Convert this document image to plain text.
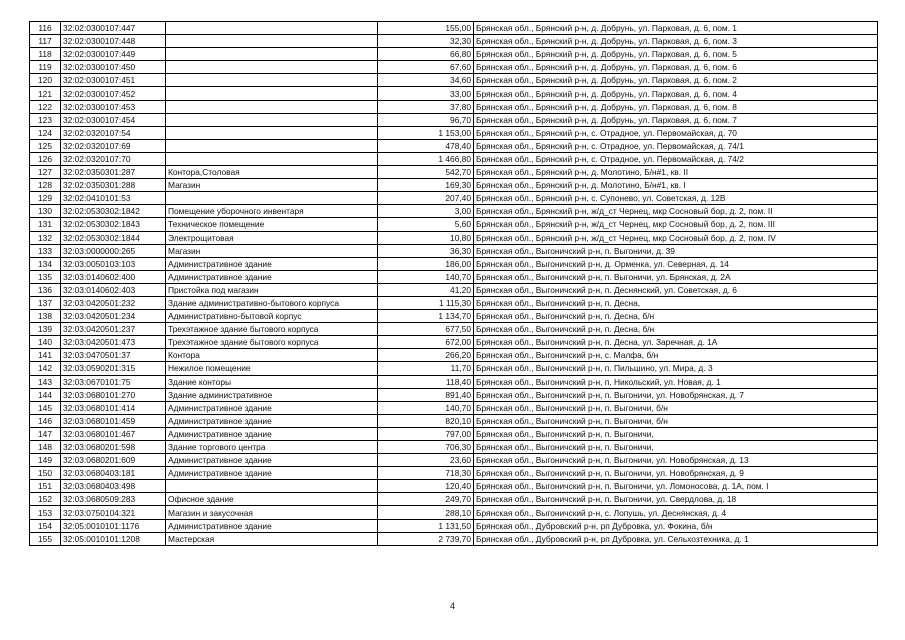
116	32:02:0300107:447		155,00	Брянская обл., Брянский р-н, д. Добрунь, ул. Парковая, д. 6, пом. 1
117	32:02:0300107:448		32,30	Брянская обл., Брянский р-н, д. Добрунь, ул. Парковая, д. 6, пом. 3
118	32:02:0300107:449		66,80	Брянская обл., Брянский р-н, д. Добрунь, ул. Парковая, д. 6, пом. 5
119	32:02:0300107:450		67,60	Брянская обл., Брянский р-н, д. Добрунь, ул. Парковая, д. 6, пом. 6
120	32:02:0300107:451		34,60	Брянская обл., Брянский р-н, д. Добрунь, ул. Парковая, д. 6, пом. 2
121	32:02:0300107:452		33,00	Брянская обл., Брянский р-н, д. Добрунь, ул. Парковая, д. 6, пом. 4
122	32:02:0300107:453		37,80	Брянская обл., Брянский р-н, д. Добрунь, ул. Парковая, д. 6, пом. 8
123	32:02:0300107:454		96,70	Брянская обл., Брянский р-н, д. Добрунь, ул. Парковая, д. 6, пом. 7
124	32:02:0320107:54		1 153,00	Брянская обл., Брянский р-н, с. Отрадное, ул. Первомайская, д. 70
125	32:02:0320107:69		478,40	Брянская обл., Брянский р-н, с. Отрадное, ул. Первомайская, д. 74/1
126	32:02:0320107:70		1 466,80	Брянская обл., Брянский р-н, с. Отрадное, ул. Первомайская, д. 74/2
127	32:02:0350301:287	Контора,Столовая	542,70	Брянская обл., Брянский р-н, д. Молотино, Б/н#1, кв. II
128	32:02:0350301:288	Магазин	169,30	Брянская обл., Брянский р-н, д. Молотино, Б/н#1, кв. I
129	32:02:0410101:53		207,40	Брянская обл., Брянский р-н, с. Супонево, ул. Советская, д. 12В
130	32:02:0530302:1842	Помещение уборочного инвентаря	3,00	Брянская обл., Брянский р-н, ж/д_ст Чернец, мкр Сосновый бор, д. 2, пом. II
131	32:02:0530302:1843	Техническое помещение	5,60	Брянская обл., Брянский р-н, ж/д_ст Чернец, мкр Сосновый бор, д. 2, пом. III
132	32:02:0530302:1844	Электрощитовая	10,80	Брянская обл., Брянский р-н, ж/д_ст Чернец, мкр Сосновый бор, д. 2, пом. IV
133	32:03:0000000:265	Магазин	36,30	Брянская обл., Выгоничский р-н, п. Выгоничи, д. 39
134	32:03:0050103:103	Административное здание	186,00	Брянская обл., Выгоничский р-н, д. Орменка, ул. Северная, д. 14
135	32:03:0140602:400	Административное здание	140,70	Брянская обл., Выгоничский р-н, п. Выгоничи, ул. Брянская, д. 2А
136	32:03:0140602:403	Пристойка под магазин	41,20	Брянская обл., Выгоничский р-н, п. Деснянский, ул. Советская, д. 6
137	32:03:0420501:232	Здание административно-бытового корпуса	1 115,30	Брянская обл., Выгоничский р-н, п. Десна,
138	32:03:0420501:234	Административно-бытовой корпус	1 134,70	Брянская обл., Выгоничский р-н, п. Десна, б/н
139	32:03:0420501:237	Трехэтажное здание бытового корпуса	677,50	Брянская обл., Выгоничский р-н, п. Десна, б/н
140	32:03:0420501:473	Трехэтажное здание бытового корпуса	672,00	Брянская обл., Выгоничский р-н, п. Десна, ул. Заречная, д. 1А
141	32:03:0470501:37	Контора	266,20	Брянская обл., Выгоничский р-н, с. Малфа, б/н
142	32:03:0590201:315	Нежилое помещение	11,70	Брянская обл., Выгоничский р-н, п. Пильшино, ул. Мира, д. 3
143	32:03:0670101:75	Здание конторы	118,40	Брянская обл., Выгоничский р-н, п. Никольский, ул. Новая, д. 1
144	32:03:0680101:270	Здание административное	891,40	Брянская обл., Выгоничский р-н, п. Выгоничи, ул. Новобрянская, д. 7
145	32:03:0680101:414	Административное здание	140,70	Брянская обл., Выгоничский р-н, п. Выгоничи, б/н
146	32:03:0680101:459	Административное здание	820,10	Брянская обл., Выгоничский р-н, п. Выгоничи, б/н
147	32:03:0680101:467	Административное здание	797,00	Брянская обл., Выгоничский р-н, п. Выгоничи,
148	32:03:0680201:598	Здание торгового центра	706,30	Брянская обл., Выгоничский р-н, п. Выгоничи,
149	32:03:0680201:609	Административное здание	23,60	Брянская обл., Выгоничский р-н, п. Выгоничи, ул. Новобрянская, д. 13
150	32:03:0680403:181	Административное здание	718,30	Брянская обл., Выгоничский р-н, п. Выгоничи, ул. Новобрянская, д. 9
151	32:03:0680403:498		120,40	Брянская обл., Выгоничский р-н, п. Выгоничи, ул. Ломоносова, д. 1А, пом. I
152	32:03:0680509:283	Офисное здание	249,70	Брянская обл., Выгоничский р-н, п. Выгоничи, ул. Свердлова, д. 18
153	32:03:0750104:321	Магазин и закусочная	288,10	Брянская обл., Выгоничский р-н, с. Лопушь, ул. Деснянская, д. 4
154	32:05:0010101:1176	Административное здание	1 131,50	Брянская обл., Дубровский р-н, рп Дубровка, ул. Фокина, б/н
155	32:05:0010101:1208	Мастерская	2 739,70	Брянская обл., Дубровский р-н, рп Дубровка, ул. Сельхозтехника, д. 1
4
